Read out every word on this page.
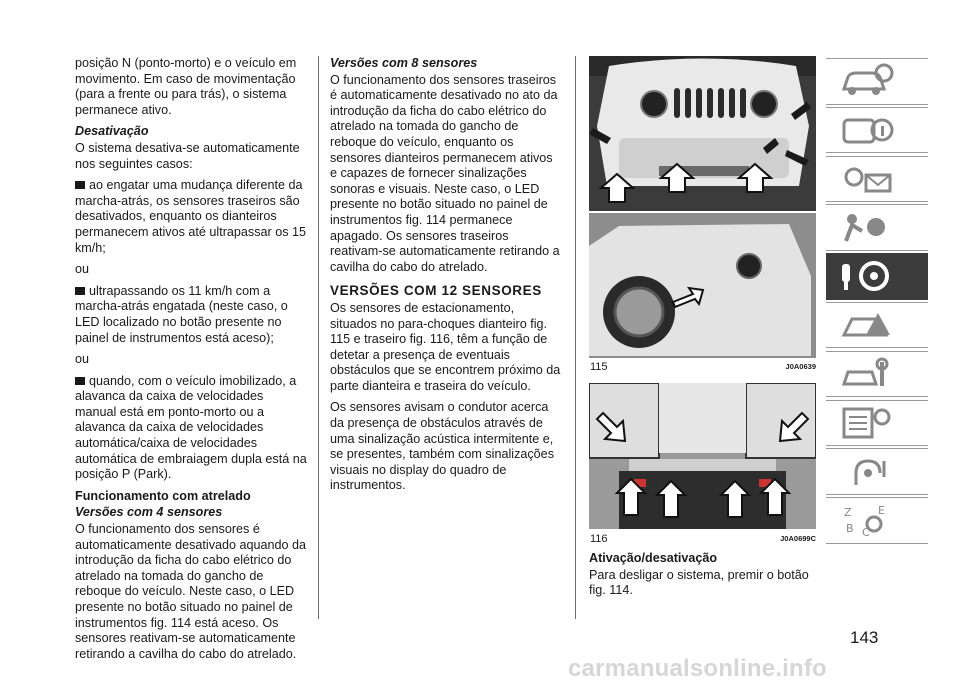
posição N (ponto-morto) e o veículo em movimento. Em caso de movimentação (para a frente ou para trás), o sistema permanece ativo.

Desativação

O sistema desativa-se automaticamente nos seguintes casos:

ao engatar uma mudança diferente da marcha-atrás, os sensores traseiros são desativados, enquanto os dianteiros permanecem ativos até ultrapassar os 15 km/h;

ou

ultrapassando os 11 km/h com a marcha-atrás engatada (neste caso, o LED localizado no botão presente no painel de instrumentos está aceso);

ou

quando, com o veículo imobilizado, a alavanca da caixa de velocidades manual está em ponto-morto ou a alavanca da caixa de velocidades automática/caixa de velocidades automática de embraiagem dupla está na posição P (Park).

Funcionamento com atrelado

Versões com 4 sensores

O funcionamento dos sensores é automaticamente desativado aquando da introdução da ficha do cabo elétrico do atrelado na tomada do gancho de reboque do veículo. Neste caso, o LED presente no botão situado no painel de instrumentos fig. 114 está aceso. Os sensores reativam-se automaticamente retirando a cavilha do cabo do atrelado.

Versões com 8 sensores

O funcionamento dos sensores traseiros é automaticamente desativado no ato da introdução da ficha do cabo elétrico do atrelado na tomada do gancho de reboque do veículo, enquanto os sensores dianteiros permanecem ativos e capazes de fornecer sinalizações sonoras e visuais. Neste caso, o LED presente no botão situado no painel de instrumentos fig. 114 permanece apagado. Os sensores traseiros reativam-se automaticamente retirando a cavilha do cabo do atrelado.

VERSÕES COM 12 SENSORES

Os sensores de estacionamento, situados no para-choques dianteiro fig. 115 e traseiro fig. 116, têm a função de detetar a presença de eventuais obstáculos que se encontrem próximo da parte dianteira e traseira do veículo.

Os sensores avisam o condutor acerca da presença de obstáculos através de uma sinalização acústica intermitente e, se presentes, também com sinalizações visuais no display do quadro de instrumentos.

115	J0A0639
116	J0A0699C

Ativação/desativação

Para desligar o sistema, premir o botão fig. 114.

Z E
B C
143
carmanualsonline.info
